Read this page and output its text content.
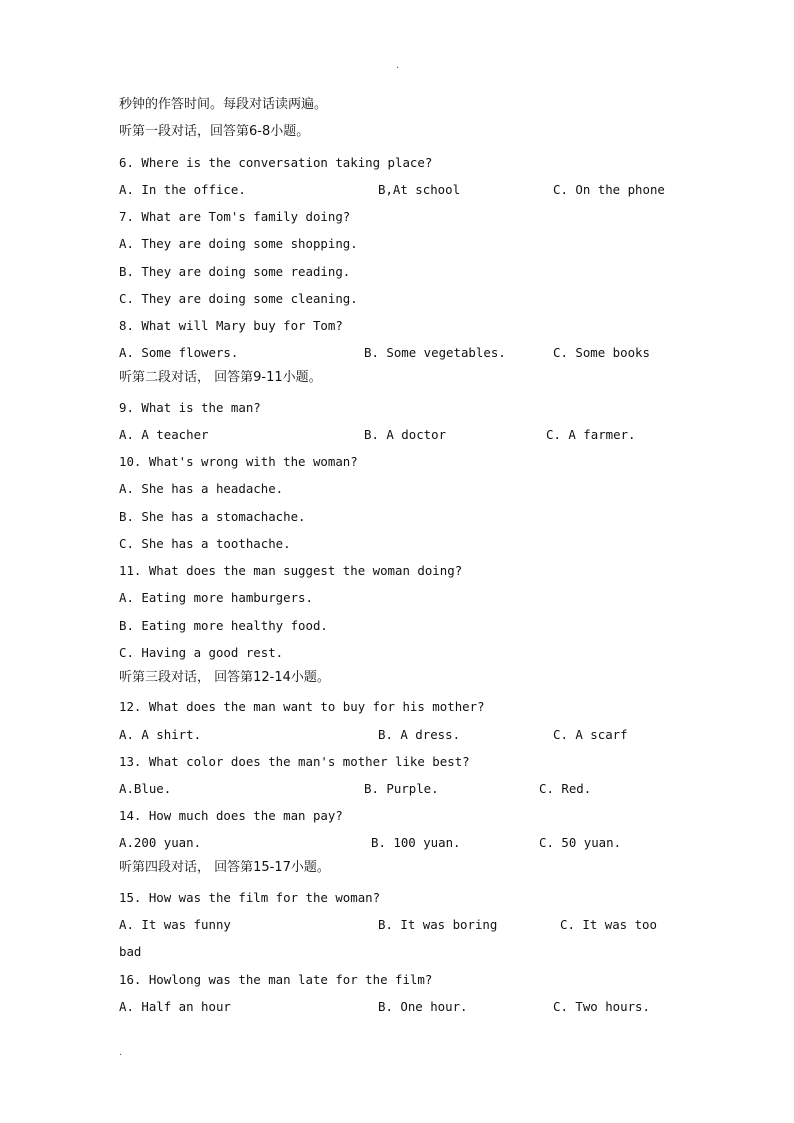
.
秒钟的作答时间。每段对话读两遍。
听第一段对话，回答第6-8小题。
6. Where is the conversation taking place?
A. In the office.	B,At school	C. On the phone
7. What are Tom's family doing?
A. They are doing some shopping.
B. They are doing some reading.
C. They are doing some cleaning.
8. What will Mary buy for Tom?
A. Some flowers.	B. Some vegetables.	C. Some books
听第二段对话， 回答第9-11小题。
9. What is the man?
A. A teacher	B. A doctor	C. A farmer.
10. What's wrong with the woman?
A. She has a headache.
B. She has a stomachache.
C. She has a toothache.
11. What does the man suggest the woman doing?
A. Eating more hamburgers.
B. Eating more healthy food.
C. Having a good rest.
听第三段对话， 回答第12-14小题。
12. What does the man want to buy for his mother?
A. A shirt.	B. A dress.	C. A scarf
13. What color does the man's mother like best?
A.Blue.	B. Purple.	C. Red.
14. How much does the man pay?
A.200 yuan.	B. 100 yuan.	C. 50 yuan.
听第四段对话， 回答第15-17小题。
15. How was the film for the woman?
A. It was funny	B. It was boring	C. It was too
bad
16. Howlong was the man late for the film?
A. Half an hour	B. One hour.	C. Two hours.
.
